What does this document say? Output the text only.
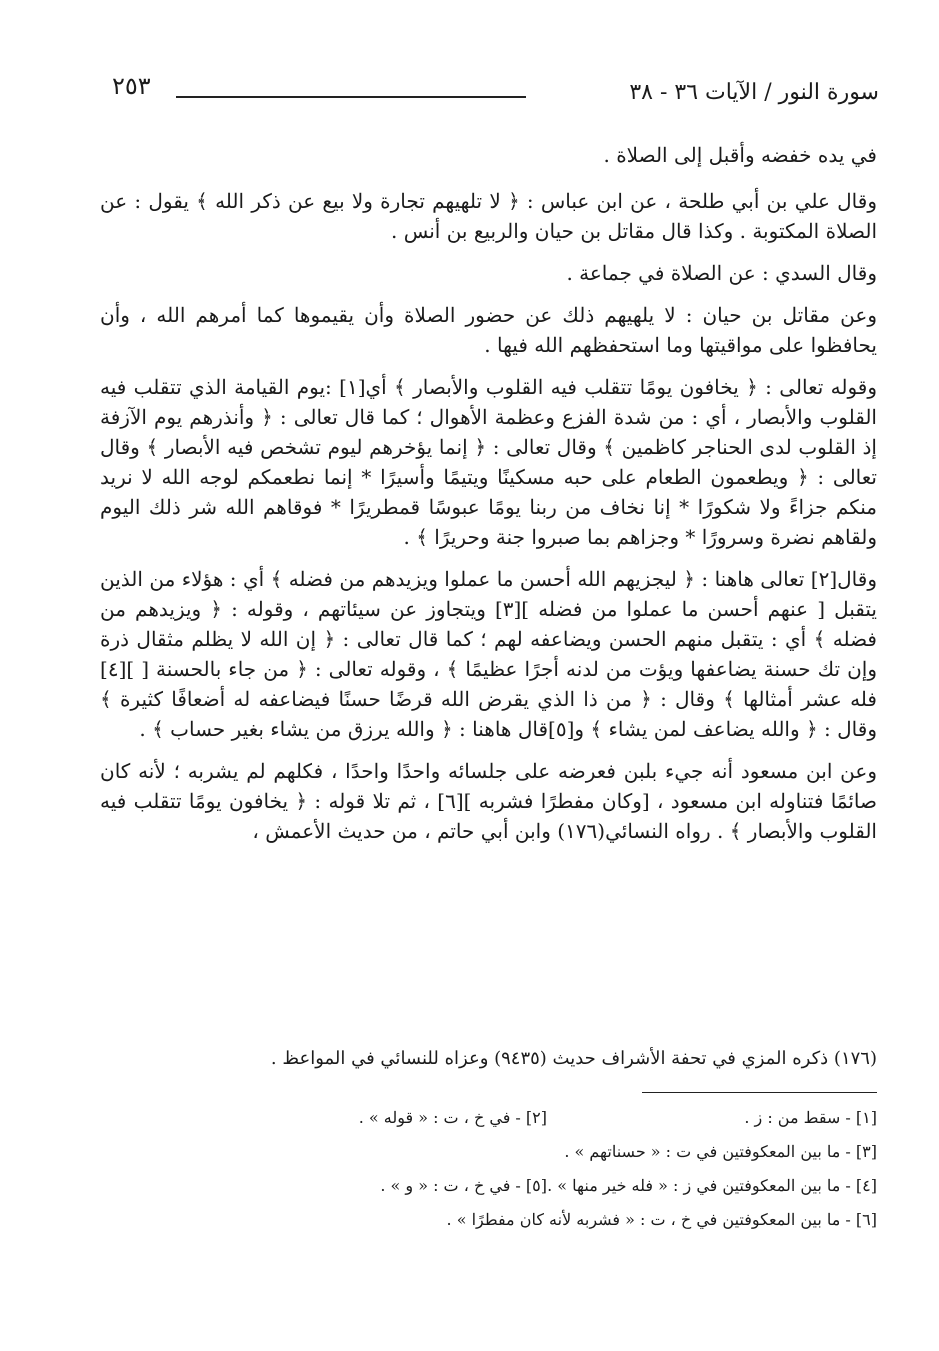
سورة النور / الآيات ٣٦ - ٣٨
٢٥٣

في يده خفضه وأقبل إلى الصلاة .

وقال علي بن أبي طلحة ، عن ابن عباس : ﴿ لا تلهيهم تجارة ولا بيع عن ذكر الله ﴾ يقول : عن الصلاة المكتوبة . وكذا قال مقاتل بن حيان والربيع بن أنس .

وقال السدي : عن الصلاة في جماعة .

وعن مقاتل بن حيان : لا يلهيهم ذلك عن حضور الصلاة وأن يقيموها كما أمرهم الله ، وأن يحافظوا على مواقيتها وما استحفظهم الله فيها .

وقوله تعالى : ﴿ يخافون يومًا تتقلب فيه القلوب والأبصار ﴾ أي[١] :يوم القيامة الذي تتقلب فيه القلوب والأبصار ، أي : من شدة الفزع وعظمة الأهوال ؛ كما قال تعالى : ﴿ وأنذرهم يوم الآزفة إذ القلوب لدى الحناجر كاظمين ﴾ وقال تعالى : ﴿ إنما يؤخرهم ليوم تشخص فيه الأبصار ﴾ وقال تعالى : ﴿ ويطعمون الطعام على حبه مسكينًا ويتيمًا وأسيرًا * إنما نطعمكم لوجه الله لا نريد منكم جزاءً ولا شكورًا * إنا نخاف من ربنا يومًا عبوسًا قمطريرًا * فوقاهم الله شر ذلك اليوم ولقاهم نضرة وسرورًا * وجزاهم بما صبروا جنة وحريرًا ﴾ .

وقال[٢] تعالى هاهنا : ﴿ ليجزيهم الله أحسن ما عملوا ويزيدهم من فضله ﴾ أي : هؤلاء من الذين يتقبل [ عنهم أحسن ما عملوا من فضله ][٣] ويتجاوز عن سيئاتهم ، وقوله : ﴿ ويزيدهم من فضله ﴾ أي : يتقبل منهم الحسن ويضاعفه لهم ؛ كما قال تعالى : ﴿ إن الله لا يظلم مثقال ذرة وإن تك حسنة يضاعفها ويؤت من لدنه أجرًا عظيمًا ﴾ ، وقوله تعالى : ﴿ من جاء بالحسنة [ ][٤] فله عشر أمثالها ﴾ وقال : ﴿ من ذا الذي يقرض الله قرضًا حسنًا فيضاعفه له أضعافًا كثيرة ﴾ وقال : ﴿ والله يضاعف لمن يشاء ﴾ و[٥]قال هاهنا : ﴿ والله يرزق من يشاء بغير حساب ﴾ .

وعن ابن مسعود أنه جيء بلبن فعرضه على جلسائه واحدًا واحدًا ، فكلهم لم يشربه ؛ لأنه كان صائمًا فتناوله ابن مسعود ، [وكان مفطرًا فشربه ][٦] ، ثم تلا قوله : ﴿ يخافون يومًا تتقلب فيه القلوب والأبصار ﴾ . رواه النسائي(١٧٦) وابن أبي حاتم ، من حديث الأعمش ،

(١٧٦) ذكره المزي في تحفة الأشراف حديث (٩٤٣٥) وعزاه للنسائي في المواعظ .

[١] - سقط من : ز .
[٢] - في خ ، ت : « قوله » .
[٣] - ما بين المعكوفتين في ت : « حسناتهم » .
[٤] - ما بين المعكوفتين في ز : « فله خير منها » .
[٥] - في خ ، ت : « و » .
[٦] - ما بين المعكوفتين في خ ، ت : « فشربه لأنه كان مفطرًا » .
